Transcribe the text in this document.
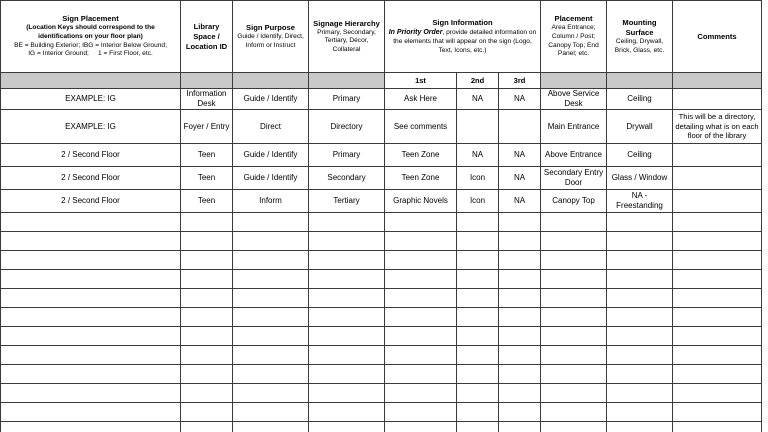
Sign Placement
(Location Keys should correspond to the identifications on your floor plan)
BE = Building Exterior; IBG = Interior Below Ground;
IG = Interior Ground;     1 = First Floor, etc.	Library Space / Location ID	Sign Purpose
Guide / Identify, Direct, Inform or Instruct	Signage Hierarchy
Primary, Secondary, Tertiary, Décor, Collateral	Sign Information
In Priority Order, provide detailed information on the elements that will appear on the sign (Logo, Text, Icons, etc.)			Placement
Area Entrance; Column / Post; Canopy Top; End Panel; etc.	Mounting Surface
Ceiling, Drywall, Brick, Glass, etc.	Comments

				1st	2nd	3rd			
EXAMPLE: IG	Information Desk	Guide / Identify	Primary	Ask Here	NA	NA	Above Service Desk	Ceiling	
EXAMPLE: IG	Foyer / Entry	Direct	Directory	See comments			Main Entrance	Drywall	This will be a directory, detailing what is on each floor of the library
2 / Second Floor	Teen	Guide / Identify	Primary	Teen Zone	NA	NA	Above Entrance	Ceiling	
2 / Second Floor	Teen	Guide / Identify	Secondary	Teen Zone	Icon	NA	Secondary Entry Door	Glass / Window	
2 / Second Floor	Teen	Inform	Tertiary	Graphic Novels	Icon	NA	Canopy Top	NA - Freestanding	
